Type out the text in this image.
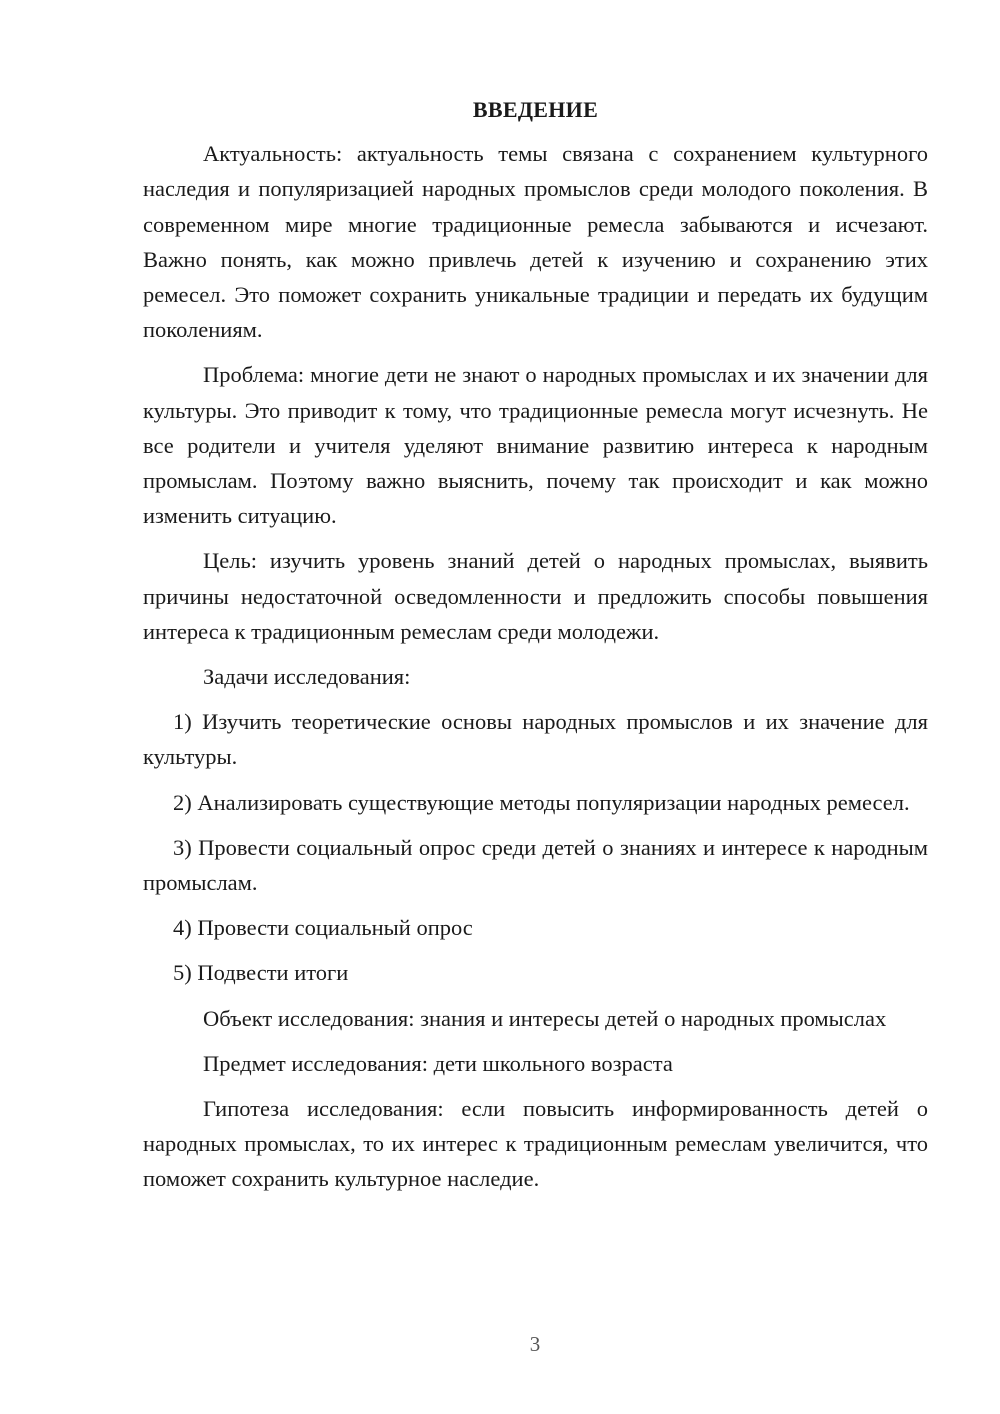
ВВЕДЕНИЕ

Актуальность: актуальность темы связана с сохранением культурного наследия и популяризацией народных промыслов среди молодого поколения. В современном мире многие традиционные ремесла забываются и исчезают. Важно понять, как можно привлечь детей к изучению и сохранению этих ремесел. Это поможет сохранить уникальные традиции и передать их будущим поколениям.

Проблема: многие дети не знают о народных промыслах и их значении для культуры. Это приводит к тому, что традиционные ремесла могут исчезнуть. Не все родители и учителя уделяют внимание развитию интереса к народным промыслам. Поэтому важно выяснить, почему так происходит и как можно изменить ситуацию.

Цель: изучить уровень знаний детей о народных промыслах, выявить причины недостаточной осведомленности и предложить способы повышения интереса к традиционным ремеслам среди молодежи.

Задачи исследования:

1) Изучить теоретические основы народных промыслов и их значение для культуры.

2) Анализировать существующие методы популяризации народных ремесел.

3) Провести социальный опрос среди детей о знаниях и интересе к народным промыслам.

4) Провести социальный опрос

5) Подвести итоги

Объект исследования: знания и интересы детей о народных промыслах

Предмет исследования: дети школьного возраста

Гипотеза исследования: если повысить информированность детей о народных промыслах, то их интерес к традиционным ремеслам увеличится, что поможет сохранить культурное наследие.

3
